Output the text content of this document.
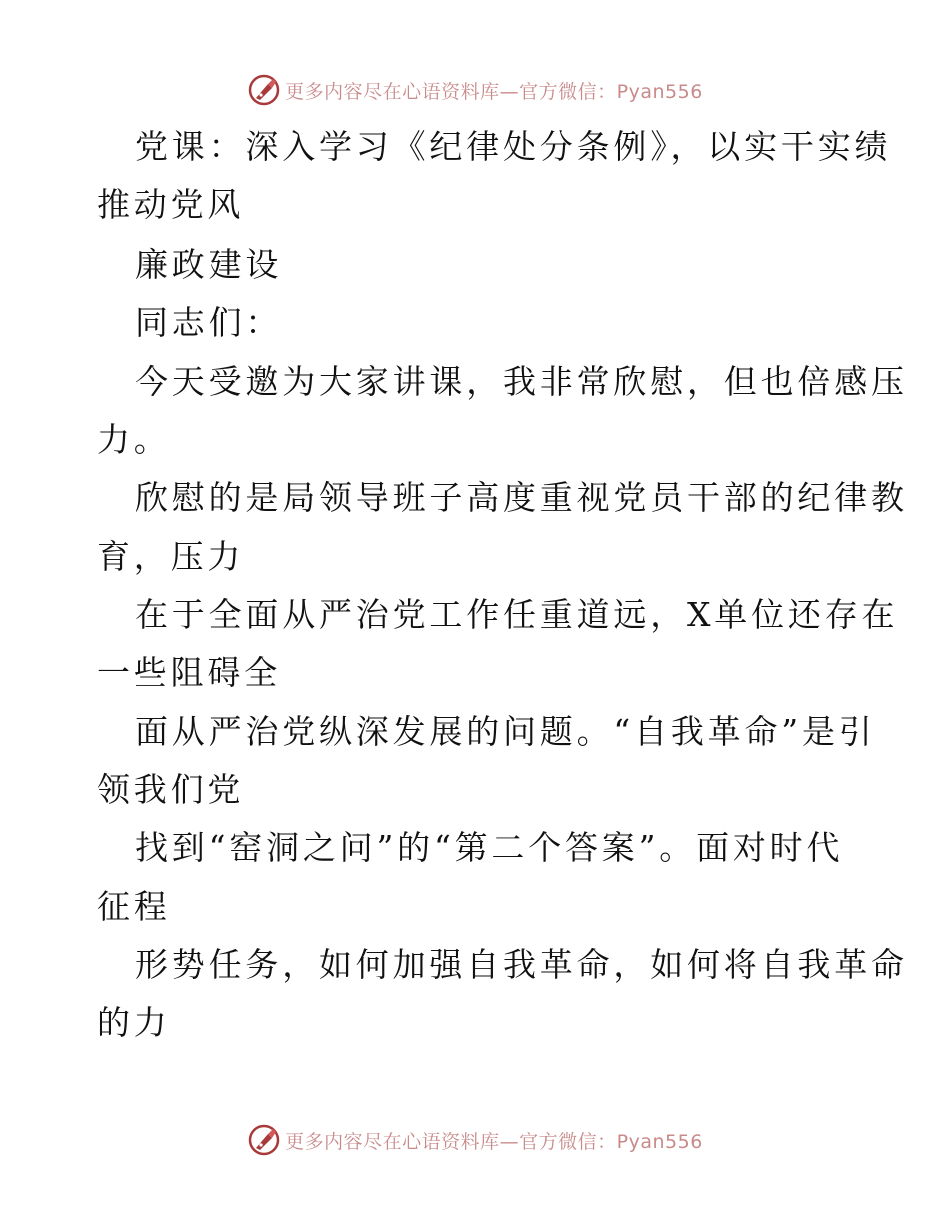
更多内容尽在心语资料库—官方微信：Pyan556
党课：深入学习《纪律处分条例》，以实干实绩
推动党风
廉政建设
同志们：
今天受邀为大家讲课，我非常欣慰，但也倍感压
力。
欣慰的是局领导班子高度重视党员干部的纪律教
育，压力
在于全面从严治党工作任重道远，X单位还存在
一些阻碍全
面从严治党纵深发展的问题。“自我革命”是引
领我们党
找到“窑洞之问”的“第二个答案”。面对时代
征程
形势任务，如何加强自我革命，如何将自我革命
的力
更多内容尽在心语资料库—官方微信：Pyan556
